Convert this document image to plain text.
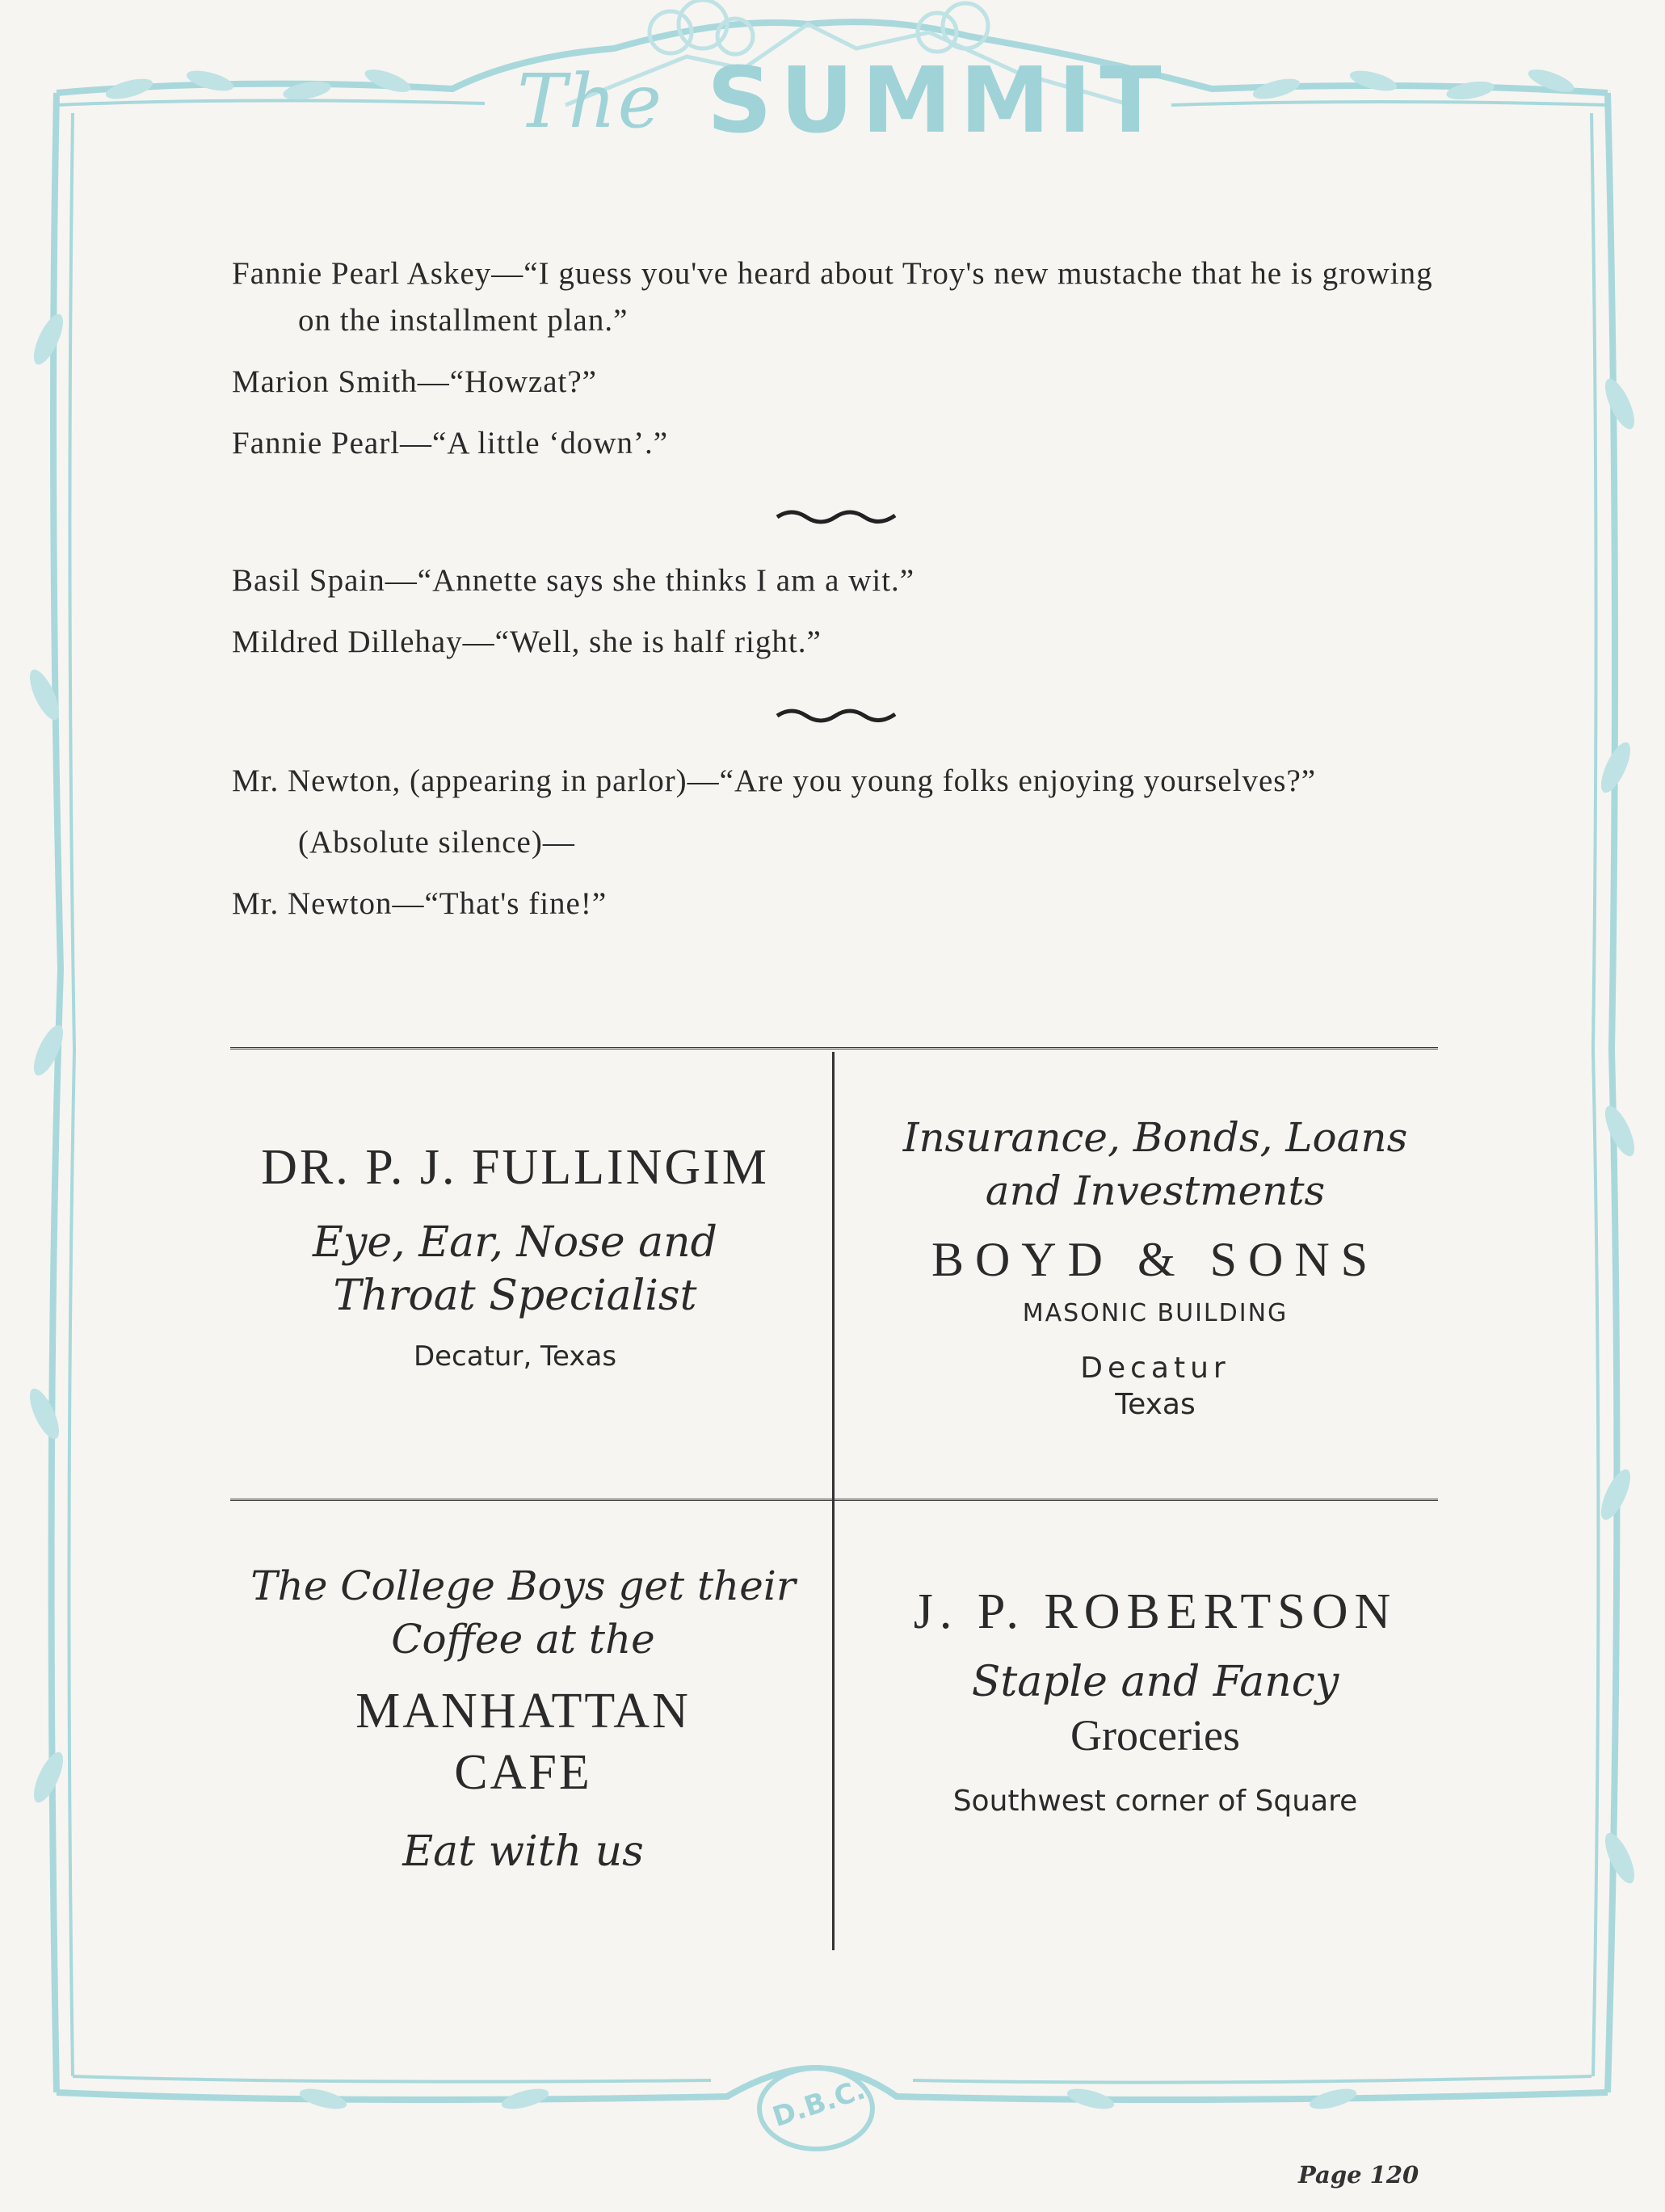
The SUMMIT
D.B.C.

Fannie Pearl Askey—“I guess you've heard about Troy's new mustache that he is growing on the installment plan.”

Marion Smith—“Howzat?”

Fannie Pearl—“A little ‘down’.”

Basil Spain—“Annette says she thinks I am a wit.”

Mildred Dillehay—“Well, she is half right.”

Mr. Newton, (appearing in parlor)—“Are you young folks enjoying yourselves?”

(Absolute silence)—

Mr. Newton—“That's fine!”

DR. P. J. FULLINGIM
Eye, Ear, Nose and
Throat Specialist
Decatur, Texas
Insurance, Bonds, Loans
and Investments
BOYD & SONS
MASONIC BUILDING
Decatur
Texas
The College Boys get their
Coffee at the
MANHATTAN
CAFE
Eat with us
J. P. ROBERTSON
Staple and Fancy
Groceries
Southwest corner of Square
Page 120
